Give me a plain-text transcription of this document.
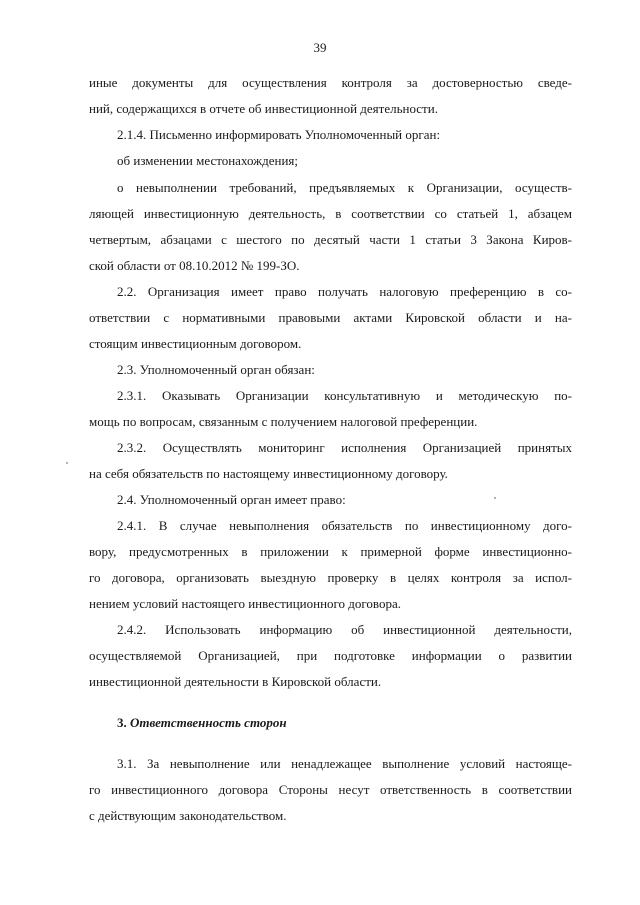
39
иные документы для осуществления контроля за достоверностью сведе-
ний, содержащихся в отчете об инвестиционной деятельности.
2.1.4. Письменно информировать Уполномоченный орган:
об изменении местонахождения;
о невыполнении требований, предъявляемых к Организации, осуществ-
ляющей инвестиционную деятельность, в соответствии со статьей 1, абзацем
четвертым, абзацами с шестого по десятый части 1 статьи 3 Закона Киров-
ской области от 08.10.2012 № 199-ЗО.
2.2. Организация имеет право получать налоговую преференцию в со-
ответствии с нормативными правовыми актами Кировской области и на-
стоящим инвестиционным договором.
2.3. Уполномоченный орган обязан:
2.3.1. Оказывать Организации консультативную и методическую по-
мощь по вопросам, связанным с получением налоговой преференции.
2.3.2. Осуществлять мониторинг исполнения Организацией принятых
на себя обязательств по настоящему инвестиционному договору.
2.4. Уполномоченный орган имеет право:
2.4.1. В случае невыполнения обязательств по инвестиционному дого-
вору, предусмотренных в приложении к примерной форме инвестиционно-
го договора, организовать выездную проверку в целях контроля за испол-
нением условий настоящего инвестиционного договора.
2.4.2. Использовать информацию об инвестиционной деятельности,
осуществляемой Организацией, при подготовке информации о развитии
инвестиционной деятельности в Кировской области.
3. Ответственность сторон
3.1. За невыполнение или ненадлежащее выполнение условий настояще-
го инвестиционного договора Стороны несут ответственность в соответствии
с действующим законодательством.
